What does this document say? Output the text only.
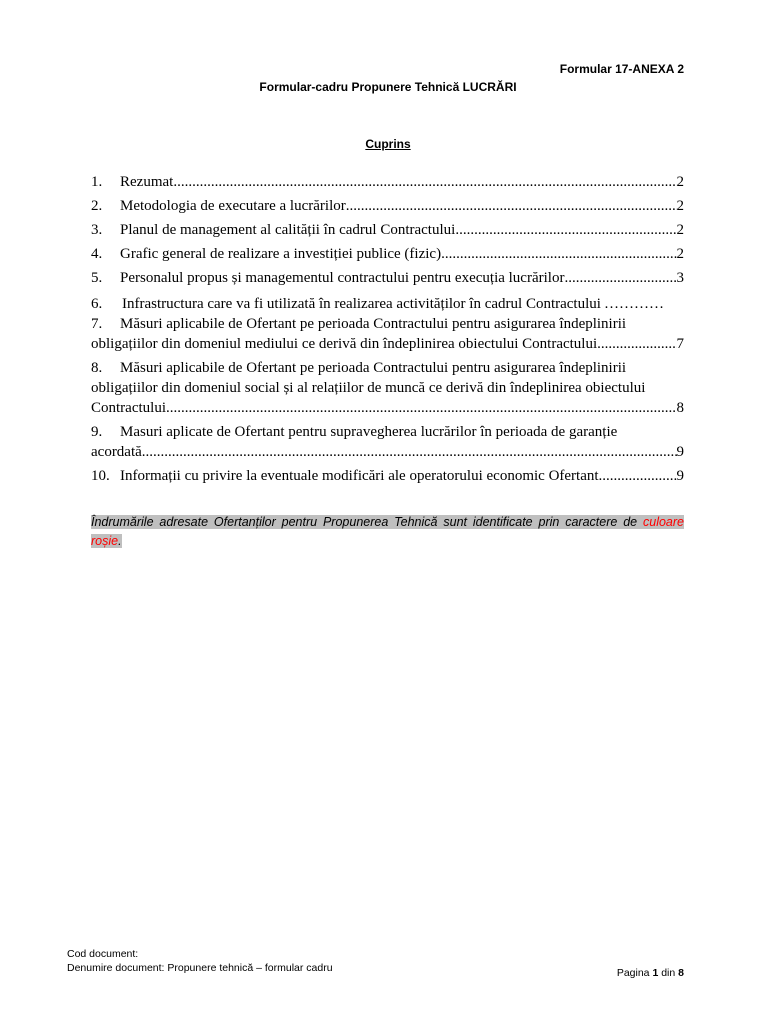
Formular 17-ANEXA 2
Formular-cadru Propunere Tehnică LUCRĂRI
Cuprins
1.	Rezumat .....	2
2.	Metodologia de executare a lucrărilor .....	2
3.	Planul de management al calității în cadrul Contractului .....	2
4.	Grafic general de realizare a investiției publice (fizic) .....	2
5.	Personalul propus și managementul contractului pentru execuția lucrărilor .....	3
6.	Infrastructura care va fi utilizată în realizarea activităților în cadrul Contractului …………
7.	Măsuri aplicabile de Ofertant pe perioada Contractului pentru asigurarea îndeplinirii
obligațiilor din domeniul mediului ce derivă din îndeplinirea obiectului Contractului .....	7
8.	Măsuri aplicabile de Ofertant pe perioada Contractului pentru asigurarea îndeplinirii
obligațiilor din domeniul social și al relațiilor de muncă ce derivă din îndeplinirea obiectului
Contractului .....	8
9.	Masuri aplicate de Ofertant pentru supravegherea lucrărilor în perioada de garanție
acordată .....	9
10. Informații cu privire la eventuale modificări ale operatorului economic Ofertant .....	9
Îndrumările adresate Ofertanților pentru Propunerea Tehnică sunt identificate prin caractere de culoare roșie.
Cod document:
Denumire document: Propunere tehnică – formular cadru	Pagina 1 din 8
